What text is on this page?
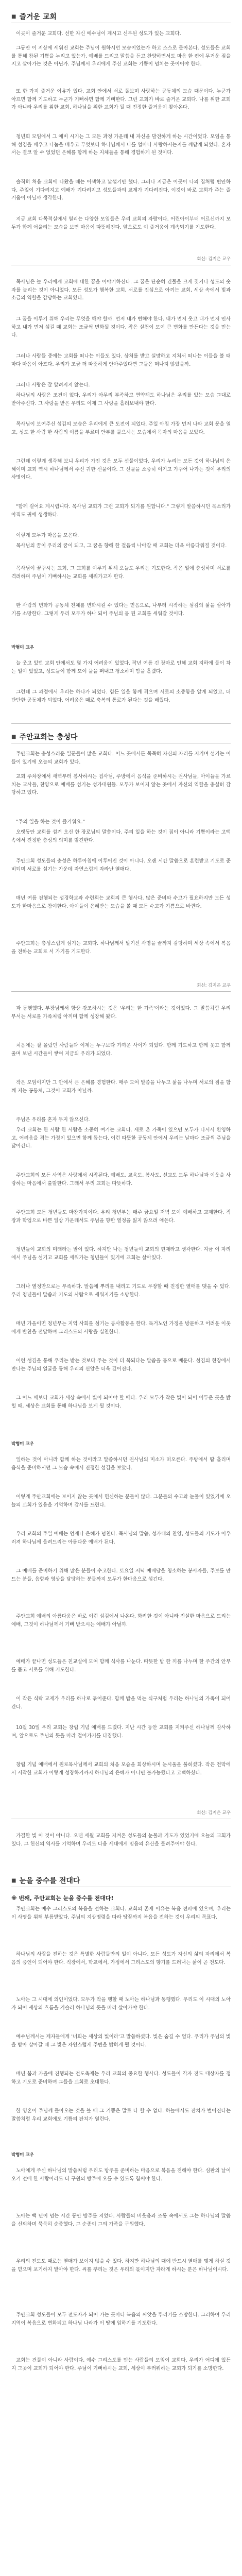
■ 즐거운 교회

이곳이 즐거운 교회다. 선한 자신 예수님이 계시고 신부된 성도가 있는 교회다.

그동안 이 지상에 세워진 교회는 주님이 원하시던 모습이었는가 하고 스스로 돌아본다. 성도들은 교회를 통해 참된 기쁨을 누리고 있는가. 예배를 드리고 말씀을 듣고 찬양하면서도 마음 한 켠에 무거운 짐을 지고 살아가는 것은 아닌가. 주님께서 우리에게 주신 교회는 기쁨이 넘치는 곳이어야 한다.

또 한 가지 즐거운 이유가 있다. 교회 안에서 서로 돌보며 사랑하는 공동체의 모습 때문이다. 누군가 아프면 함께 기도하고 누군가 기뻐하면 함께 기뻐한다. 그런 교회가 바로 즐거운 교회다. 나를 위한 교회가 아니라 우리를 위한 교회, 하나님을 위한 교회가 될 때 진정한 즐거움이 찾아온다.

청년회 모임에서 그 예비 시기는 그 모든 과정 가운데 내 자신을 발견하게 하는 시간이었다. 모임을 통해 섬김을 배우고 나눔을 배우고 무엇보다 하나님께서 나를 얼마나 사랑하시는지를 깨닫게 되었다. 혼자서는 결코 알 수 없었던 은혜를 함께 하는 지체들을 통해 경험하게 된 것이다.

솔직히 처음 교회에 나왔을 때는 어색하고 낯설기만 했다. 그러나 지금은 이곳이 나의 집처럼 편안하다. 주일이 기다려지고 예배가 기다려지고 성도들과의 교제가 기다려진다. 이것이 바로 교회가 주는 즐거움이 아닐까 생각한다.

지금 교회 다목적실에서 열리는 다양한 모임들은 우리 교회의 자랑이다. 어린아이부터 어르신까지 모두가 함께 어울리는 모습을 보면 마음이 따뜻해진다. 앞으로도 이 즐거움이 계속되기를 기도한다.

회신: 김지은 교우

목사님은 늘 우리에게 교회에 대한 꿈을 이야기하신다. 그 꿈은 단순히 건물을 크게 짓거나 성도의 숫자를 늘리는 것이 아니었다. 모든 성도가 행복한 교회, 서로를 진심으로 아끼는 교회, 세상 속에서 빛과 소금의 역할을 감당하는 교회였다.

그 꿈을 이루기 위해 우리는 무엇을 해야 할까. 먼저 내가 변해야 한다. 내가 먼저 웃고 내가 먼저 인사하고 내가 먼저 섬길 때 교회는 조금씩 변화될 것이다. 작은 실천이 모여 큰 변화를 만든다는 것을 믿는다.

그러나 사람들 중에는 교회를 떠나는 이들도 있다. 상처를 받고 실망하고 지쳐서 떠나는 이들을 볼 때마다 마음이 아프다. 우리가 조금 더 따뜻하게 안아주었다면 그들은 떠나지 않았을까.

그러나 사랑은 잘 알려지지 않는다.

하나님의 사랑은 조건이 없다. 우리가 아무리 부족하고 연약해도 하나님은 우리를 있는 모습 그대로 받아주신다. 그 사랑을 받은 우리도 이제 그 사랑을 흘려보내야 한다.

목사님이 보여주신 섬김의 모습은 우리에게 큰 도전이 되었다. 주일 아침 가장 먼저 나와 교회 문을 열고, 성도 한 사람 한 사람의 이름을 부르며 안부를 물으시는 모습에서 목자의 마음을 보았다.

그런데 이렇게 생각해 보니 우리가 가진 것은 모두 선물이었다. 우리가 누리는 모든 것이 하나님의 은혜이며 교회 역시 하나님께서 주신 귀한 선물이다. 그 선물을 소중히 여기고 가꾸어 나가는 것이 우리의 사명이다.

"함께 걸어요 계시렵니다. 목사님 교회가 그런 교회가 되기를 원합니다." 그렇게 말씀하시던 목소리가 아직도 귀에 생생하다.

이렇게 모두가 마음을 모은다.

목사님의 꿈이 우리의 꿈이 되고, 그 꿈을 향해 한 걸음씩 나아갈 때 교회는 더욱 아름다워질 것이다.

목사님이 꿈꾸시는 교회, 그 교회를 이루기 위해 오늘도 우리는 기도한다. 작은 일에 충성하며 서로를 격려하며 주님이 기뻐하시는 교회를 세워가고자 한다.

한 사람의 변화가 공동체 전체를 변화시킬 수 있다는 믿음으로, 나부터 시작하는 섬김의 삶을 살아가기를 소망한다. 그렇게 우리 모두가 하나 되어 주님의 몸 된 교회를 세워갈 것이다.

박형미 교우

늘 웃고 있던 교회 안에서도 몇 가지 어려움이 있었다. 작년 여름 긴 장마로 인해 교회 지하에 물이 차는 일이 있었고, 성도들이 함께 모여 물을 퍼내고 청소하며 땀을 흘렸다.

그런데 그 과정에서 우리는 하나가 되었다. 힘든 일을 함께 겪으며 서로의 소중함을 알게 되었고, 더 단단한 공동체가 되었다. 어려움은 때로 축복의 통로가 된다는 것을 배웠다.

■ 주안교회는 충성다

주안교회는 충성스러운 일꾼들이 많은 교회다. 어느 곳에서든 묵묵히 자신의 자리를 지키며 섬기는 이들이 있기에 오늘의 교회가 있다.

교회 주차장에서 새벽부터 봉사하시는 집사님, 주방에서 음식을 준비하시는 권사님들, 아이들을 가르치는 교사들, 찬양으로 예배를 섬기는 성가대원들. 모두가 보이지 않는 곳에서 자신의 역할을 충실히 감당하고 있다.

"주의 일을 하는 것이 즐거워요."

오랫동안 교회를 섬겨 오신 한 장로님의 말씀이다. 주의 일을 하는 것이 짐이 아니라 기쁨이라는 고백 속에서 진정한 충성의 의미를 발견한다.

주안교회 성도들의 충성은 하루아침에 이루어진 것이 아니다. 오랜 시간 말씀으로 훈련받고 기도로 준비되며 서로를 섬기는 가운데 자연스럽게 자라난 열매다.

매년 여름 진행되는 성경학교와 수련회는 교회의 큰 행사다. 많은 준비와 수고가 필요하지만 모든 성도가 한마음으로 참여한다. 아이들이 은혜받는 모습을 볼 때 모든 수고가 기쁨으로 바뀐다.

주안교회는 충성스럽게 섬기는 교회다. 하나님께서 맡기신 사명을 끝까지 감당하며 세상 속에서 복음을 전하는 교회로 서 가기를 기도한다.

회신: 김지은 교우

과 동행했다. 부장님께서 항상 강조하시는 것은 '우리는 한 가족'이라는 것이었다. 그 말씀처럼 우리 부서는 서로를 가족처럼 아끼며 함께 성장해 왔다.

처음에는 잘 몰랐던 사람들과 이제는 누구보다 가까운 사이가 되었다. 함께 기도하고 함께 웃고 함께 울며 보낸 시간들이 쌓여 지금의 우리가 되었다.

작은 모임이지만 그 안에서 큰 은혜를 경험한다. 매주 모여 말씀을 나누고 삶을 나누며 서로의 짐을 함께 지는 공동체, 그것이 교회가 아닐까.

주님은 우리를 혼자 두지 않으신다.

우리 교회는 한 사람 한 사람을 소중히 여기는 교회다. 새로 온 가족이 있으면 모두가 나서서 환영하고, 어려움을 겪는 가정이 있으면 함께 돕는다. 이런 따뜻한 공동체 안에서 우리는 날마다 조금씩 주님을 닮아간다.

주안교회의 모든 사역은 사랑에서 시작된다. 예배도, 교육도, 봉사도, 선교도 모두 하나님과 이웃을 사랑하는 마음에서 출발한다. 그래서 우리 교회는 따뜻하다.

주안교회 모든 청년들도 마찬가지이다. 우리 청년부는 매주 금요일 저녁 모여 예배하고 교제한다. 직장과 학업으로 바쁜 일상 가운데서도 주님을 향한 열정을 잃지 않으려 애쓴다.

청년들이 교회의 미래라는 말이 있다. 하지만 나는 청년들이 교회의 현재라고 생각한다. 지금 이 자리에서 주님을 섬기고 교회를 세워가는 청년들이 있기에 교회는 살아있다.

그러나 열정만으로는 부족하다. 말씀에 뿌리를 내리고 기도로 무장할 때 진정한 열매를 맺을 수 있다. 우리 청년들이 말씀과 기도의 사람으로 세워지기를 소망한다.

매년 가을이면 청년부는 지역 사회를 섬기는 봉사활동을 한다. 독거노인 가정을 방문하고 어려운 이웃에게 반찬을 전달하며 그리스도의 사랑을 실천한다.

이런 섬김을 통해 우리는 받는 것보다 주는 것이 더 복되다는 말씀을 몸으로 배운다. 섬김의 현장에서 만나는 주님의 얼굴을 통해 우리의 신앙은 더욱 깊어진다.

그 어느 때보다 교회가 세상 속에서 빛이 되어야 할 때다. 우리 모두가 작은 빛이 되어 어두운 곳을 밝힐 때, 세상은 교회를 통해 하나님을 보게 될 것이다.

박형미 교우

일하는 것이 아니라 함께 하는 것이라고 말씀하시던 권사님의 미소가 떠오른다. 주방에서 땀 흘리며 음식을 준비하시던 그 모습 속에서 진정한 섬김을 보았다.

이렇게 주안교회에는 보이지 않는 곳에서 헌신하는 분들이 많다. 그분들의 수고와 눈물이 있었기에 오늘의 교회가 있음을 기억하며 감사를 드린다.

우리 교회의 주일 예배는 언제나 은혜가 넘친다. 목사님의 말씀, 성가대의 찬양, 성도들의 기도가 어우러져 하나님께 올려드리는 아름다운 예배가 된다.

그 예배를 준비하기 위해 많은 분들이 수고한다. 토요일 저녁 예배당을 청소하는 봉사자들, 주보를 만드는 분들, 음향과 영상을 담당하는 분들까지 모두가 한마음으로 섬긴다.

주안교회 예배의 아름다움은 바로 이런 섬김에서 나온다. 화려한 것이 아니라 진실한 마음으로 드리는 예배, 그것이 하나님께서 기뻐 받으시는 예배가 아닐까.

예배가 끝나면 성도들은 친교실에 모여 함께 식사를 나눈다. 따뜻한 밥 한 끼를 나누며 한 주간의 안부를 묻고 서로를 위해 기도한다.

이 작은 식탁 교제가 우리를 하나로 묶어준다. 함께 밥을 먹는 식구처럼 우리는 하나님의 가족이 되어간다.

10월 30일 우리 교회는 창립 기념 예배를 드렸다. 지난 시간 동안 교회를 지켜주신 하나님께 감사하며, 앞으로도 주님의 뜻을 따라 걸어가기를 다짐했다.

창립 기념 예배에서 원로목사님께서 교회의 처음 모습을 회상하시며 눈시울을 붉히셨다. 작은 천막에서 시작한 교회가 이렇게 성장하기까지 하나님의 은혜가 아니면 불가능했다고 고백하셨다.

회신: 김지은 교우

가결한 빛 이 것이 아니다. 오랜 세월 교회를 지켜온 성도들의 눈물과 기도가 있었기에 오늘의 교회가 있다. 그 헌신의 역사를 기억하며 우리도 다음 세대에게 믿음의 유산을 물려주어야 한다.

■ 눈을 중수를 전대다
※ 번째, 주안교회는 눈을 중수를 전대다!

주안교회는 예수 그리스도의 복음을 전하는 교회다. 교회의 존재 이유는 복음 전파에 있으며, 우리는 이 사명을 위해 부름받았다. 주님의 지상명령을 따라 땅끝까지 복음을 전하는 것이 우리의 목표다.

하나님의 사랑을 전하는 것은 특별한 사람들만의 일이 아니다. 모든 성도가 자신의 삶의 자리에서 복음의 증인이 되어야 한다. 직장에서, 학교에서, 가정에서 그리스도의 향기를 드러내는 삶이 곧 전도다.

노아는 그 시대에 의인이었다. 모두가 악을 행할 때 노아는 하나님과 동행했다. 우리도 이 시대의 노아가 되어 세상의 흐름을 거슬러 하나님의 뜻을 따라 살아가야 한다.

예수님께서는 제자들에게 '너희는 세상의 빛이라'고 말씀하셨다. 빛은 숨길 수 없다. 우리가 주님의 빛을 받아 살아갈 때 그 빛은 자연스럽게 주변을 밝히게 될 것이다.

매년 봄과 가을에 진행되는 전도축제는 우리 교회의 중요한 행사다. 성도들이 각자 전도 대상자를 정하고 기도로 준비하며 그들을 교회로 초대한다.

한 영혼이 주님께 돌아오는 것을 볼 때 그 기쁨은 말로 다 할 수 없다. 하늘에서도 잔치가 벌어진다는 말씀처럼 우리 교회에도 기쁨의 잔치가 열린다.

박형미 교우

노아에게 주신 하나님의 말씀처럼 우리도 방주를 준비하는 마음으로 복음을 전해야 한다. 심판의 날이 오기 전에 한 사람이라도 더 구원의 방주에 오를 수 있도록 힘써야 한다.

노아는 백 년이 넘는 시간 동안 방주를 지었다. 사람들의 비웃음과 조롱 속에서도 그는 하나님의 말씀을 신뢰하며 묵묵히 순종했다. 그 순종이 그의 가족을 구원했다.

우리의 전도도 때로는 열매가 보이지 않을 수 있다. 하지만 하나님의 때에 반드시 열매를 맺게 하실 것을 믿으며 포기하지 말아야 한다. 씨를 뿌리는 것은 우리의 몫이지만 자라게 하시는 분은 하나님이시다.

주안교회 성도들이 모두 전도자가 되어 가는 곳마다 복음의 씨앗을 뿌리기를 소망한다. 그리하여 우리 지역이 복음으로 변화되고 하나님 나라가 이 땅에 임하기를 기도한다.

교회는 건물이 아니라 사람이다. 예수 그리스도를 믿는 사람들의 모임이 교회다. 우리가 어디에 있든지 그곳이 교회가 되어야 한다. 주님이 기뻐하시는 교회, 세상이 부러워하는 교회가 되기를 소망한다.
